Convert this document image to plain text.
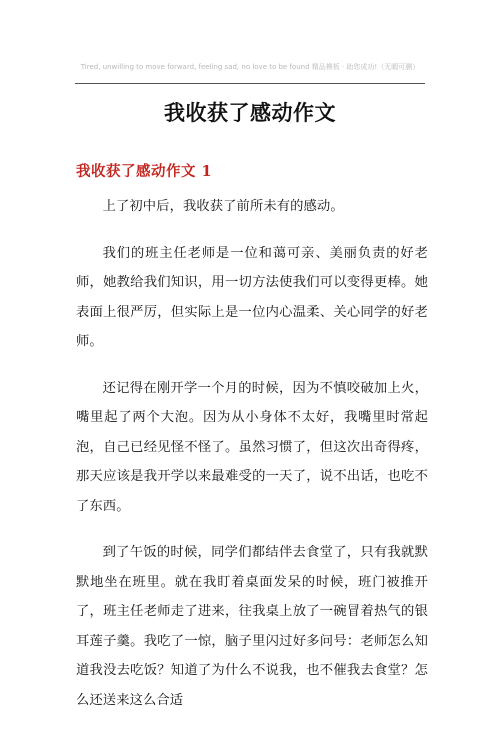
Tired, unwilling to move forward, feeling sad, no love to be found 精品模板 · 助您成功!（无暇可删）
我收获了感动作文
我收获了感动作文 1

上了初中后，我收获了前所未有的感动。

我们的班主任老师是一位和蔼可亲、美丽负责的好老师，她教给我们知识，用一切方法使我们可以变得更棒。她表面上很严厉，但实际上是一位内心温柔、关心同学的好老师。

还记得在刚开学一个月的时候，因为不慎咬破加上火，嘴里起了两个大泡。因为从小身体不太好，我嘴里时常起泡，自己已经见怪不怪了。虽然习惯了，但这次出奇得疼，那天应该是我开学以来最难受的一天了，说不出话，也吃不了东西。

到了午饭的时候，同学们都结伴去食堂了，只有我就默默地坐在班里。就在我盯着桌面发呆的时候，班门被推开了，班主任老师走了进来，往我桌上放了一碗冒着热气的银耳莲子羹。我吃了一惊，脑子里闪过好多问号：老师怎么知道我没去吃饭？知道了为什么不说我，也不催我去食堂？怎么还送来这么合适
